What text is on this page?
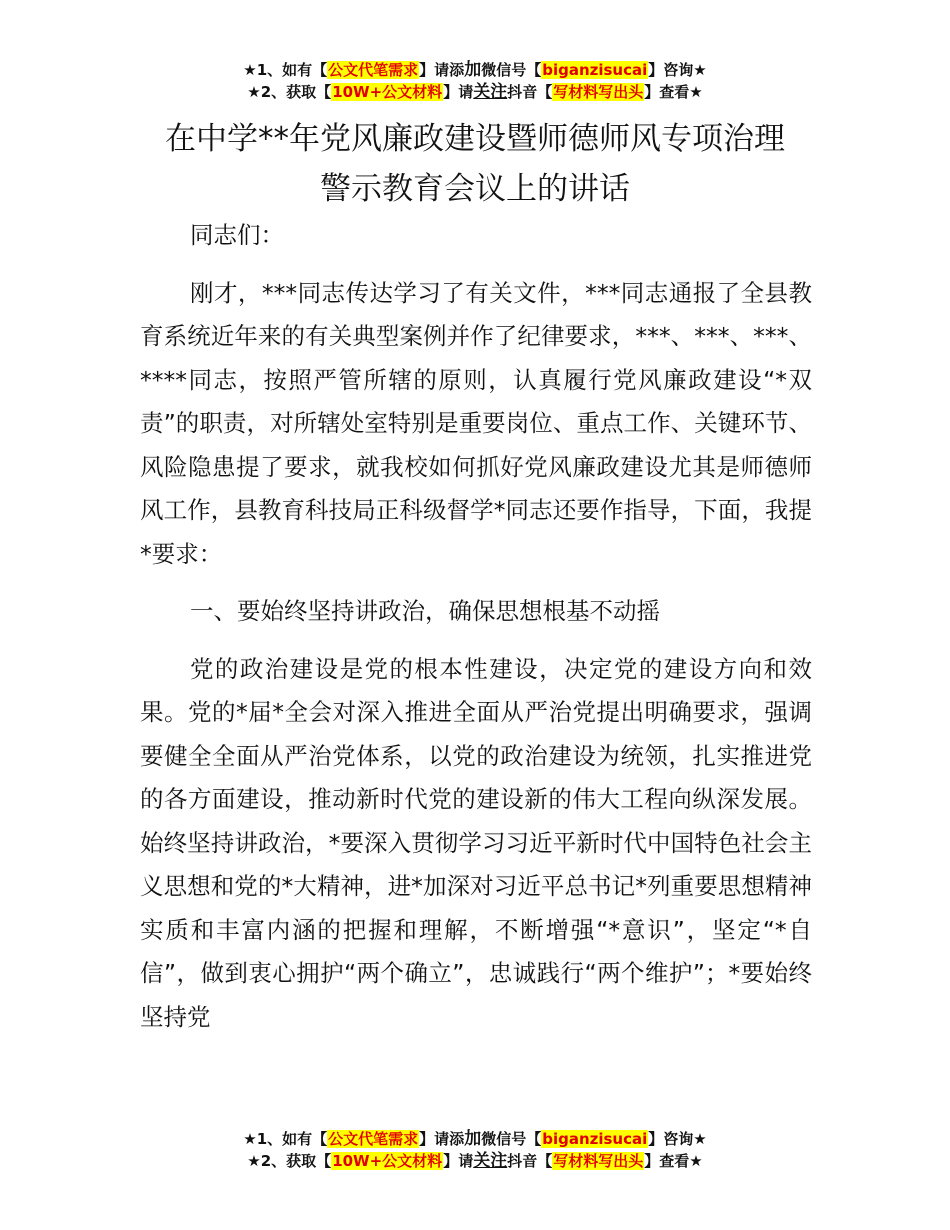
★1、如有【公文代笔需求】请添加微信号【biganzisucai】咨询★
★2、获取【10W+公文材料】请关注抖音【写材料写出头】查看★
在中学**年党风廉政建设暨师德师风专项治理
警示教育会议上的讲话

同志们：

刚才，***同志传达学习了有关文件，***同志通报了全县教育系统近年来的有关典型案例并作了纪律要求，***、***、***、****同志，按照严管所辖的原则，认真履行党风廉政建设“*双责”的职责，对所辖处室特别是重要岗位、重点工作、关键环节、风险隐患提了要求，就我校如何抓好党风廉政建设尤其是师德师风工作，县教育科技局正科级督学*同志还要作指导，下面，我提*要求：

一、要始终坚持讲政治，确保思想根基不动摇

党的政治建设是党的根本性建设，决定党的建设方向和效果。党的*届*全会对深入推进全面从严治党提出明确要求，强调要健全全面从严治党体系，以党的政治建设为统领，扎实推进党的各方面建设，推动新时代党的建设新的伟大工程向纵深发展。始终坚持讲政治，*要深入贯彻学习习近平新时代中国特色社会主义思想和党的*大精神，进*加深对习近平总书记*列重要思想精神实质和丰富内涵的把握和理解，不断增强“*意识”，坚定“*自信”，做到衷心拥护“两个确立”，忠诚践行“两个维护”；*要始终坚持党

★1、如有【公文代笔需求】请添加微信号【biganzisucai】咨询★
★2、获取【10W+公文材料】请关注抖音【写材料写出头】查看★
